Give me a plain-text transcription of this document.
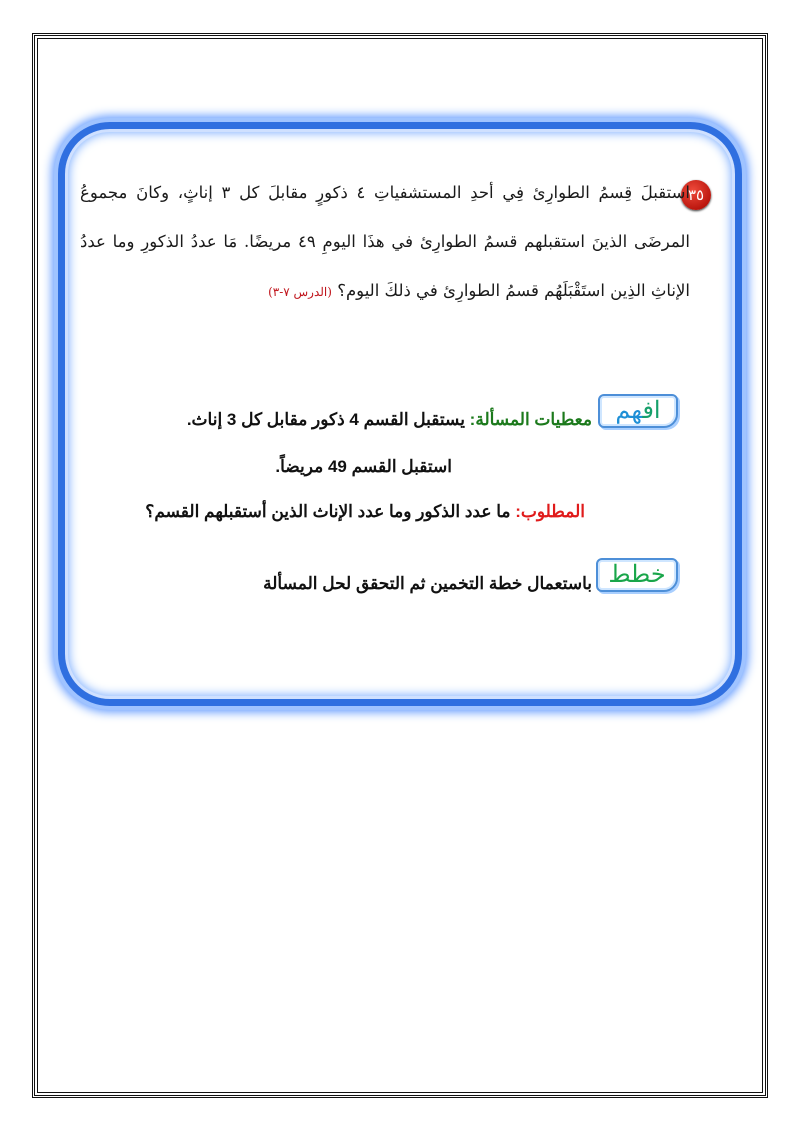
٣٥
استقبلَ قِسمُ الطوارِئ فِي أحدِ المستشفياتِ ٤ ذكورٍ مقابلَ كل ٣ إناثٍ، وكانَ مجموعُ المرضَى الذينَ استقبلهم قسمُ الطوارِئ في هذَا اليومِ ٤٩ مريضًا. مَا عددُ الذكورِ وما عددُ الإناثِ الذِين استَقْبَلَهُم قسمُ الطوارِئ في ذلكَ اليوم؟ (الدرس ٧-٣)
افهم
معطيات المسألة: يستقبل القسم 4 ذكور مقابل كل 3 إناث.
استقبل القسم 49 مريضاً.
المطلوب: ما عدد الذكور وما عدد الإناث الذين أستقبلهم القسم؟
خطط
باستعمال خطة التخمين ثم التحقق لحل المسألة
